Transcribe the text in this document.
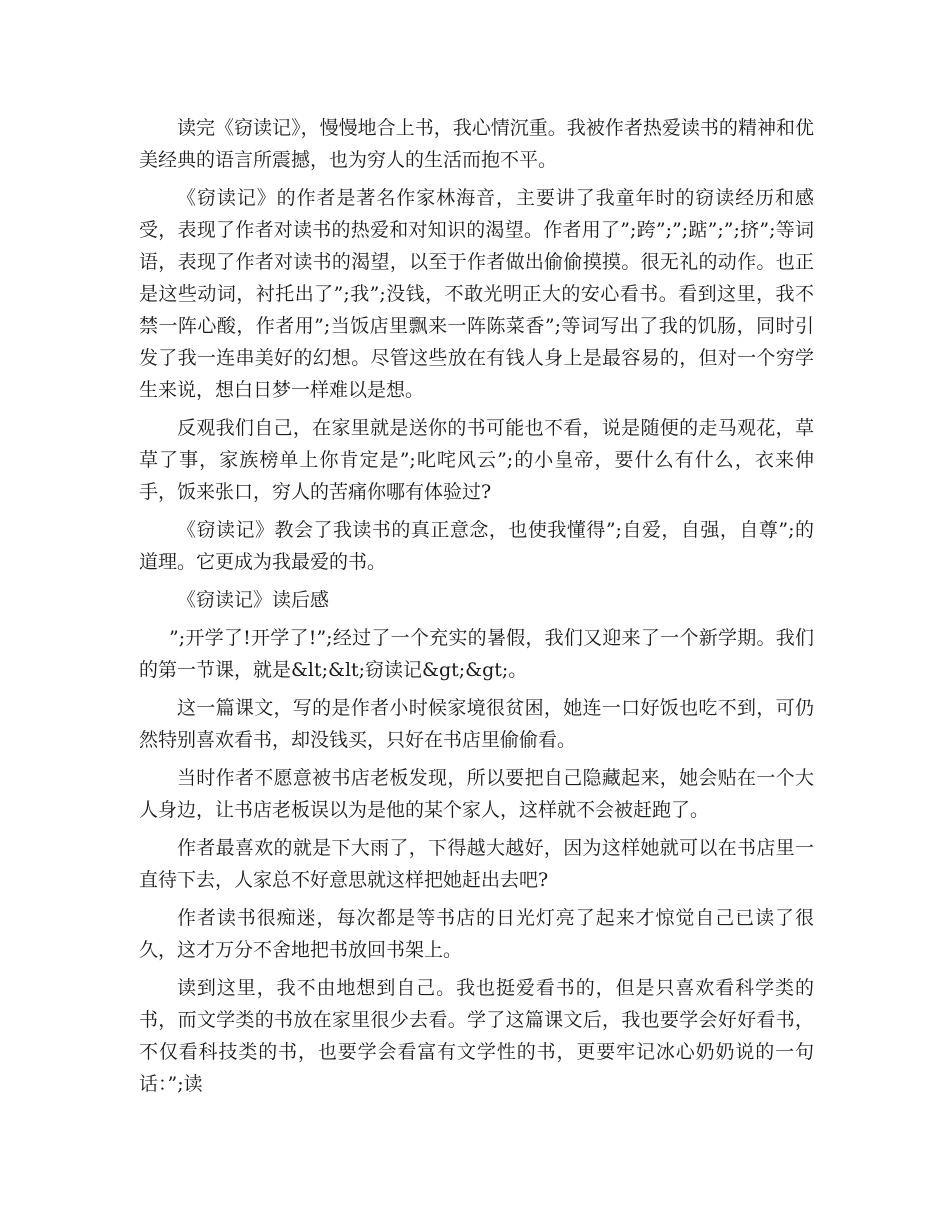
读完《窃读记》，慢慢地合上书，我心情沉重。我被作者热爱读书的精神和优美经典的语言所震撼，也为穷人的生活而抱不平。

《窃读记》的作者是著名作家林海音，主要讲了我童年时的窃读经历和感受，表现了作者对读书的热爱和对知识的渴望。作者用了”;跨”;”;踮”;”;挤”;等词语，表现了作者对读书的渴望，以至于作者做出偷偷摸摸。很无礼的动作。也正是这些动词，衬托出了”;我”;没钱，不敢光明正大的安心看书。看到这里，我不禁一阵心酸，作者用”;当饭店里飘来一阵陈菜香”;等词写出了我的饥肠，同时引发了我一连串美好的幻想。尽管这些放在有钱人身上是最容易的，但对一个穷学生来说，想白日梦一样难以是想。

反观我们自己，在家里就是送你的书可能也不看，说是随便的走马观花，草草了事，家族榜单上你肯定是”;叱咤风云”;的小皇帝，要什么有什么，衣来伸手，饭来张口，穷人的苦痛你哪有体验过?

《窃读记》教会了我读书的真正意念，也使我懂得”;自爱，自强，自尊”;的道理。它更成为我最爱的书。

《窃读记》读后感

”;开学了!开学了!”;经过了一个充实的暑假，我们又迎来了一个新学期。我们的第一节课，就是&lt;&lt;窃读记&gt;&gt;。

这一篇课文，写的是作者小时候家境很贫困，她连一口好饭也吃不到，可仍然特别喜欢看书，却没钱买，只好在书店里偷偷看。

当时作者不愿意被书店老板发现，所以要把自己隐藏起来，她会贴在一个大人身边，让书店老板误以为是他的某个家人，这样就不会被赶跑了。

作者最喜欢的就是下大雨了，下得越大越好，因为这样她就可以在书店里一直待下去，人家总不好意思就这样把她赶出去吧?

作者读书很痴迷，每次都是等书店的日光灯亮了起来才惊觉自己已读了很久，这才万分不舍地把书放回书架上。

读到这里，我不由地想到自己。我也挺爱看书的，但是只喜欢看科学类的书，而文学类的书放在家里很少去看。学了这篇课文后，我也要学会好好看书，不仅看科技类的书，也要学会看富有文学性的书，更要牢记冰心奶奶说的一句话：”;读
